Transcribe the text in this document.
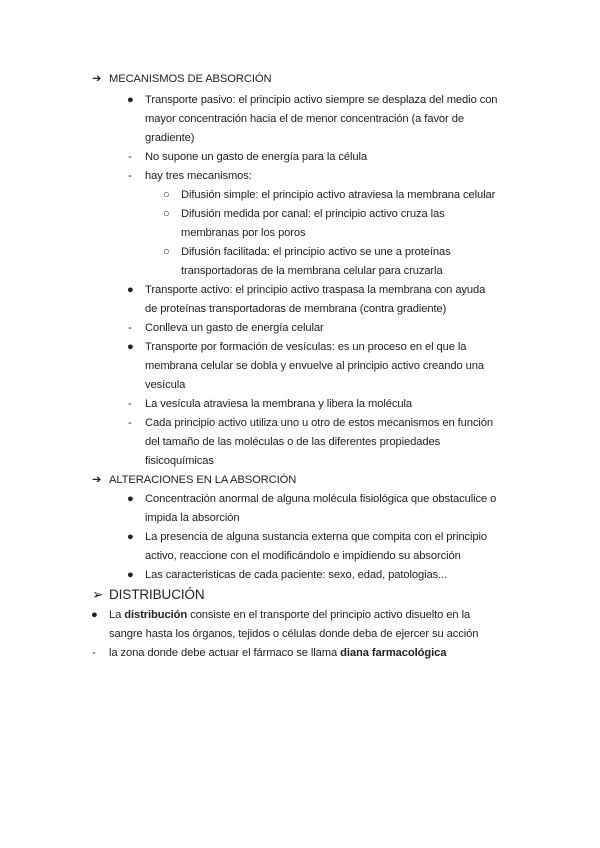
➔ MECANISMOS DE ABSORCIÓN
● Transporte pasivo: el principio activo siempre se desplaza del medio con
mayor concentración hacia el de menor concentración (a favor de
gradiente)
- No supone un gasto de energía para la célula
- hay tres mecanismos:
○ Difusión simple: el principio activo atraviesa la membrana celular
○ Difusión medida por canal: el principio activo cruza las
membranas por los poros
○ Difusión facilitada: el principio activo se une a proteínas
transportadoras de la membrana celular para cruzarla
● Transporte activo: el principio activo traspasa la membrana con ayuda
de proteínas transportadoras de membrana (contra gradiente)
- Conlleva un gasto de energía celular
● Transporte por formación de vesículas: es un proceso en el que la
membrana celular se dobla y envuelve al principio activo creando una
vesícula
- La vesícula atraviesa la membrana y libera la molécula
- Cada principio activo utiliza uno u otro de estos mecanismos en función
del tamaño de las moléculas o de las diferentes propiedades
fisicoquímicas
➔ ALTERACIONES EN LA ABSORCIÓN
● Concentración anormal de alguna molécula fisiológica que obstaculice o
impida la absorción
● La presencia de alguna sustancia externa que compita con el principio
activo, reaccione con el modificándolo e impidiendo su absorción
● Las caracteristicas de cada paciente: sexo, edad, patologias...
➢ DISTRIBUCIÓN
● La distribución consiste en el transporte del principio activo disuelto en la
sangre hasta los órganos, tejidos o células donde deba de ejercer su acción
- la zona donde debe actuar el fármaco se llama diana farmacológica
